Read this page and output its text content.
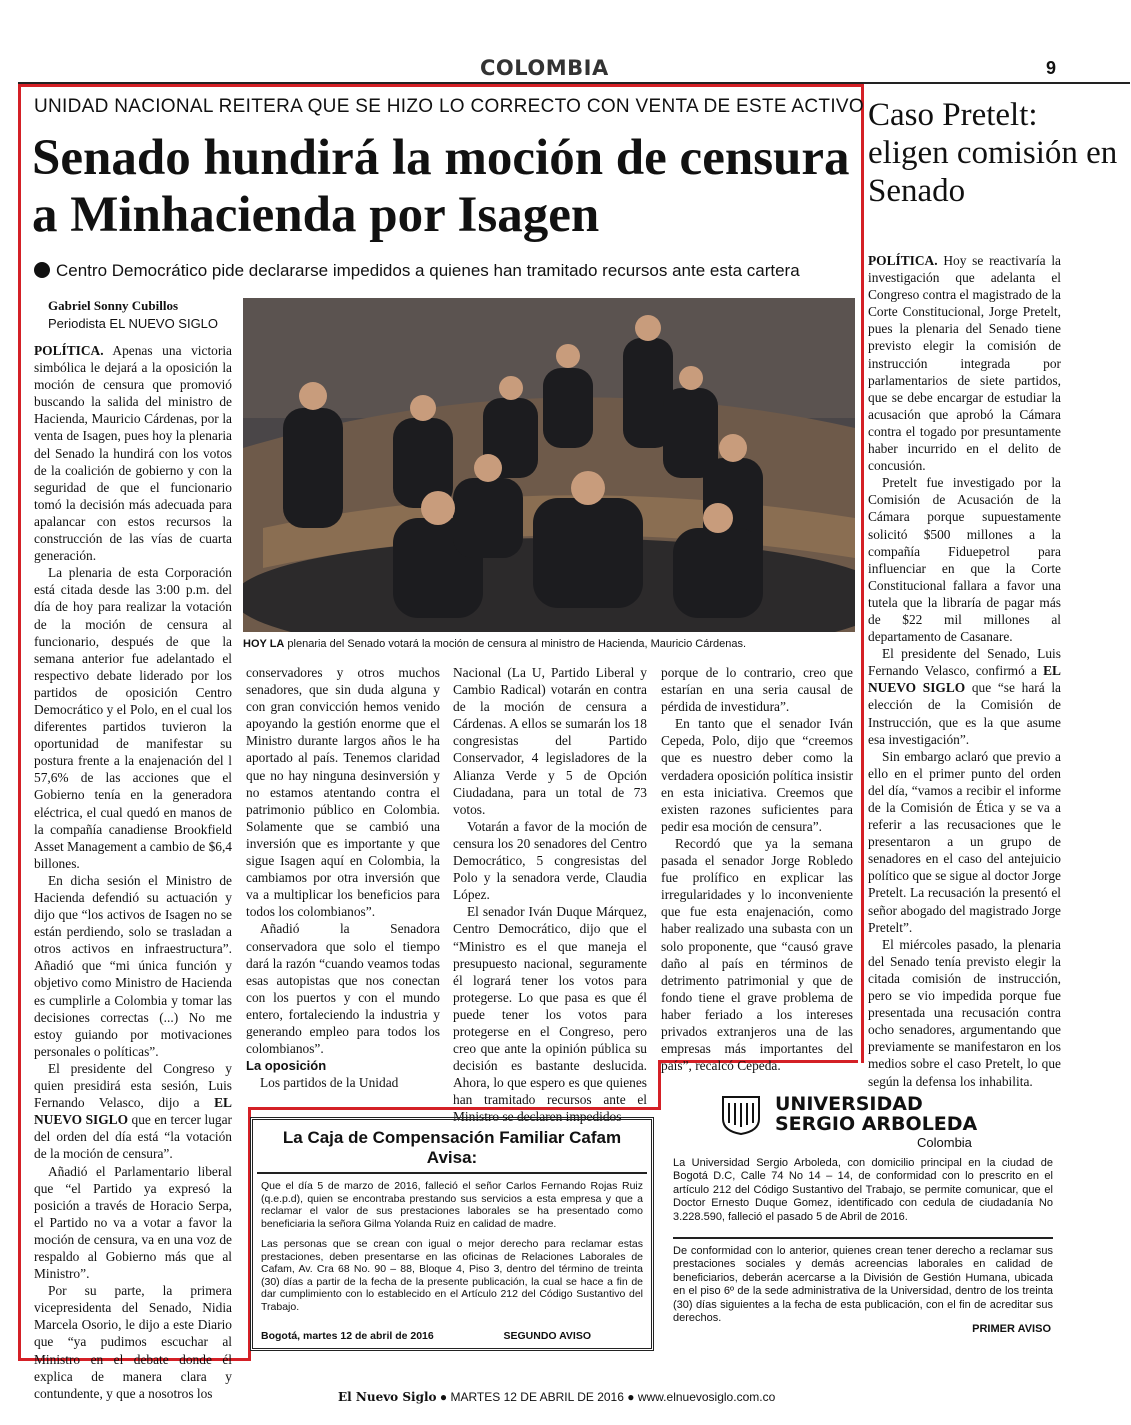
COLOMBIA	9
UNIDAD NACIONAL REITERA QUE SE HIZO LO CORRECTO CON VENTA DE ESTE ACTIVO
Senado hundirá la moción de censura a Minhacienda por Isagen
Centro Democrático pide declararse impedidos a quienes han tramitado recursos ante esta cartera
Gabriel Sonny Cubillos
Periodista EL NUEVO SIGLO
HOY LA plenaria del Senado votará la moción de censura al ministro de Hacienda, Mauricio Cárdenas.

POLÍTICA. Apenas una victoria simbólica le dejará a la oposición la moción de censura que promovió buscando la salida del ministro de Hacienda, Mauricio Cárdenas, por la venta de Isagen, pues hoy la plenaria del Senado la hundirá con los votos de la coalición de gobierno y con la seguridad de que el funcionario tomó la decisión más adecuada para apalancar con estos recursos la construcción de las vías de cuarta generación.

La plenaria de esta Corporación está citada desde las 3:00 p.m. del día de hoy para realizar la votación de la moción de censura al funcionario, después de que la semana anterior fue adelantado el respectivo debate liderado por los partidos de oposición Centro Democrático y el Polo, en el cual los diferentes partidos tuvieron la oportunidad de manifestar su postura frente a la enajenación del l 57,6% de las acciones que el Gobierno tenía en la generadora eléctrica, el cual quedó en manos de la compañía canadiense Brookfield Asset Management a cambio de $6,4 billones.

En dicha sesión el Ministro de Hacienda defendió su actuación y dijo que “los activos de Isagen no se están perdiendo, solo se trasladan a otros activos en infraestructura”. Añadió que “mi única función y objetivo como Ministro de Hacienda es cumplirle a Colombia y tomar las decisiones correctas (...) No me estoy guiando por motivaciones personales o políticas”.

El presidente del Congreso y quien presidirá esta sesión, Luis Fernando Velasco, dijo a EL NUEVO SIGLO que en tercer lugar del orden del día está “la votación de la moción de censura”.

Añadió el Parlamentario liberal que “el Partido ya expresó la posición a través de Horacio Serpa, el Partido no va a votar a favor la moción de censura, va en una voz de respaldo al Gobierno más que al Ministro”.

Por su parte, la primera vicepresidenta del Senado, Nidia Marcela Osorio, le dijo a este Diario que “ya pudimos escuchar al Ministro en el debate donde él explica de manera clara y contundente, y que a nosotros los

conservadores y otros muchos senadores, que sin duda alguna y con gran convicción hemos venido apoyando la gestión enorme que el Ministro durante largos años le ha aportado al país. Tenemos claridad que no hay ninguna desinversión y no estamos atentando contra el patrimonio público en Colombia. Solamente que se cambió una inversión que es importante y que sigue Isagen aquí en Colombia, la cambiamos por otra inversión que va a multiplicar los beneficios para todos los colombianos”.

Añadió la Senadora conservadora que solo el tiempo dará la razón “cuando veamos todas esas autopistas que nos conectan con los puertos y con el mundo entero, fortaleciendo la industria y generando empleo para todos los colombianos”.

La oposición

Los partidos de la Unidad

Nacional (La U, Partido Liberal y Cambio Radical) votarán en contra de la moción de censura a Cárdenas. A ellos se sumarán los 18 congresistas del Partido Conservador, 4 legisladores de la Alianza Verde y 5 de Opción Ciudadana, para un total de 73 votos.

Votarán a favor de la moción de censura los 20 senadores del Centro Democrático, 5 congresistas del Polo y la senadora verde, Claudia López.

El senador Iván Duque Márquez, Centro Democrático, dijo que el “Ministro es el que maneja el presupuesto nacional, seguramente él logrará tener los votos para protegerse. Lo que pasa es que él puede tener los votos para protegerse en el Congreso, pero creo que ante la opinión pública su decisión es bastante deslucida. Ahora, lo que espero es que quienes han tramitado recursos ante el Ministro se declaren impedidos

porque de lo contrario, creo que estarían en una seria causal de pérdida de investidura”.

En tanto que el senador Iván Cepeda, Polo, dijo que “creemos que es nuestro deber como la verdadera oposición política insistir en esta iniciativa. Creemos que existen razones suficientes para pedir esa moción de censura”.

Recordó que ya la semana pasada el senador Jorge Robledo fue prolífico en explicar las irregularidades y lo inconveniente que fue esta enajenación, como haber realizado una subasta con un solo proponente, que “causó grave daño al país en términos de detrimento patrimonial y que de fondo tiene el grave problema de haber feriado a los intereses privados extranjeros una de las empresas más importantes del país”, recalcó Cepeda.

Caso Pretelt: eligen comisión en Senado

POLÍTICA. Hoy se reactivaría la investigación que adelanta el Congreso contra el magistrado de la Corte Constitucional, Jorge Pretelt, pues la plenaria del Senado tiene previsto elegir la comisión de instrucción integrada por parlamentarios de siete partidos, que se debe encargar de estudiar la acusación que aprobó la Cámara contra el togado por presuntamente haber incurrido en el delito de concusión.

Pretelt fue investigado por la Comisión de Acusación de la Cámara porque supuestamente solicitó $500 millones a la compañía Fiduepetrol para influenciar en que la Corte Constitucional fallara a favor una tutela que la libraría de pagar más de $22 mil millones al departamento de Casanare.

El presidente del Senado, Luis Fernando Velasco, confirmó a EL NUEVO SIGLO que “se hará la elección de la Comisión de Instrucción, que es la que asume esa investigación”.

Sin embargo aclaró que previo a ello en el primer punto del orden del día, “vamos a recibir el informe de la Comisión de Ética y se va a referir a las recusaciones que le presentaron a un grupo de senadores en el caso del antejuicio político que se sigue al doctor Jorge Pretelt. La recusación la presentó el señor abogado del magistrado Jorge Pretelt”.

El miércoles pasado, la plenaria del Senado tenía previsto elegir la citada comisión de instrucción, pero se vio impedida porque fue presentada una recusación contra ocho senadores, argumentando que previamente se manifestaron en los medios sobre el caso Pretelt, lo que según la defensa los inhabilita.

La Caja de Compensación Familiar Cafam
Avisa:
Que el día 5 de marzo de 2016, falleció el señor Carlos Fernando Rojas Ruiz (q.e.p.d), quien se encontraba prestando sus servicios a esta empresa y que a reclamar el valor de sus prestaciones laborales se ha presentado como beneficiaria la señora Gilma Yolanda Ruiz en calidad de madre.
Las personas que se crean con igual o mejor derecho para reclamar estas prestaciones, deben presentarse en las oficinas de Relaciones Laborales de Cafam, Av. Cra 68 No. 90 – 88, Bloque 4, Piso 3, dentro del término de treinta (30) días a partir de la fecha de la presente publicación, la cual se hace a fin de dar cumplimiento con lo establecido en el Artículo 212 del Código Sustantivo del Trabajo.
Bogotá, martes 12 de abril de 2016	SEGUNDO AVISO
UNIVERSIDAD
SERGIO ARBOLEDA
Colombia
La Universidad Sergio Arboleda, con domicilio principal en la ciudad de Bogotá D.C, Calle 74 No 14 – 14, de conformidad con lo prescrito en el artículo 212 del Código Sustantivo del Trabajo, se permite comunicar, que el Doctor Ernesto Duque Gomez, identificado con cedula de ciudadanía No 3.228.590, falleció el pasado 5 de Abril de 2016.
De conformidad con lo anterior, quienes crean tener derecho a reclamar sus prestaciones sociales y demás acreencias laborales en calidad de beneficiarios, deberán acercarse a la División de Gestión Humana, ubicada en el piso 6º de la sede administrativa de la Universidad, dentro de los treinta (30) días siguientes a la fecha de esta publicación, con el fin de acreditar sus derechos.
PRIMER AVISO
El Nuevo Siglo ● MARTES 12 DE ABRIL DE 2016 ● www.elnuevosiglo.com.co
